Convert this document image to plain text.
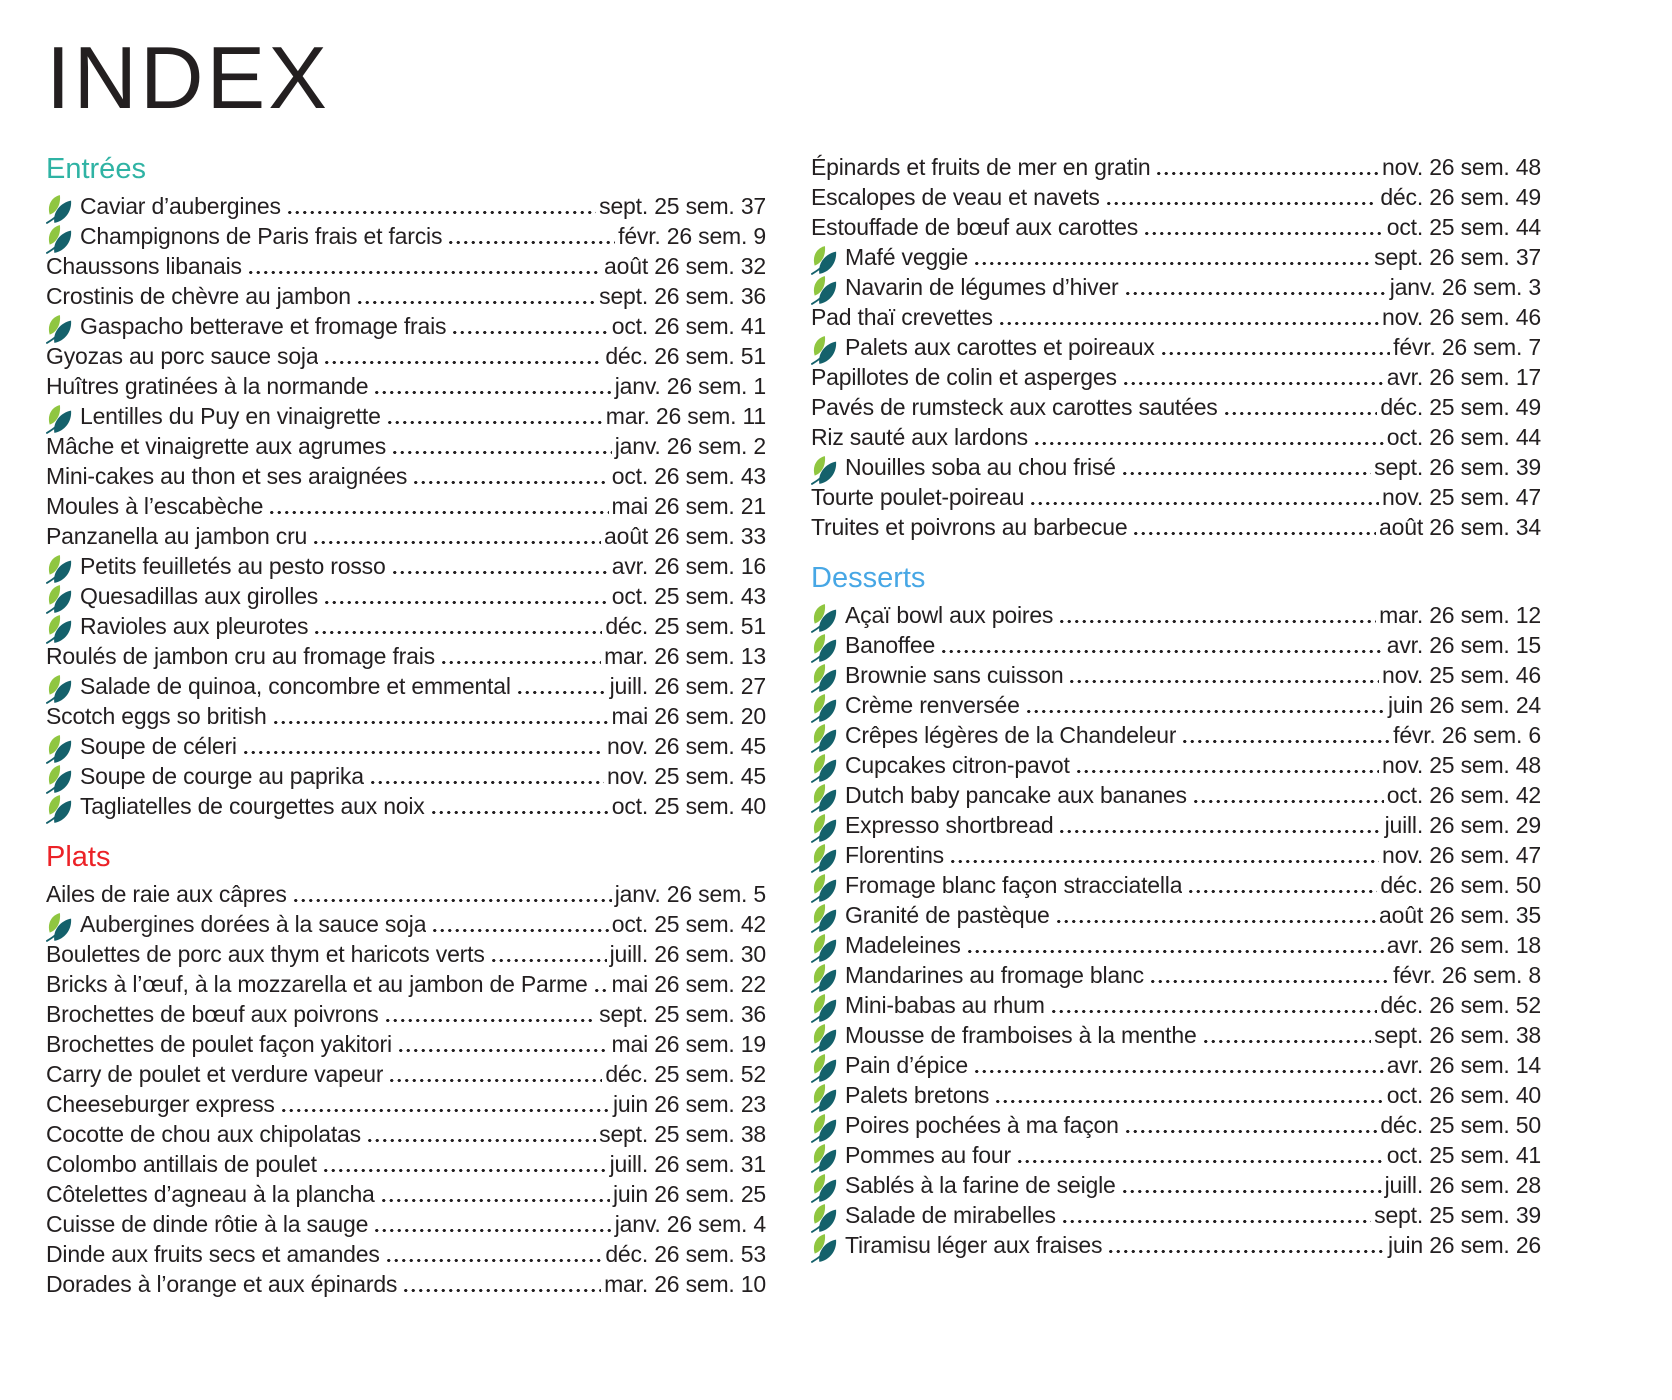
INDEX
Entrées
Caviar d’aubergines	sept. 25 sem. 37
Champignons de Paris frais et farcis	févr. 26 sem. 9
Chaussons libanais	août 26 sem. 32
Crostinis de chèvre au jambon	sept. 26 sem. 36
Gaspacho betterave et fromage frais	oct. 26 sem. 41
Gyozas au porc sauce soja	déc. 26 sem. 51
Huîtres gratinées à la normande	janv. 26 sem. 1
Lentilles du Puy en vinaigrette	mar. 26 sem. 11
Mâche et vinaigrette aux agrumes	janv. 26 sem. 2
Mini-cakes au thon et ses araignées	oct. 26 sem. 43
Moules à l’escabèche	mai 26 sem. 21
Panzanella au jambon cru	août 26 sem. 33
Petits feuilletés au pesto rosso	avr. 26 sem. 16
Quesadillas aux girolles	oct. 25 sem. 43
Ravioles aux pleurotes	déc. 25 sem. 51
Roulés de jambon cru au fromage frais	mar. 26 sem. 13
Salade de quinoa, concombre et emmental	juill. 26 sem. 27
Scotch eggs so british	mai 26 sem. 20
Soupe de céleri	nov. 26 sem. 45
Soupe de courge au paprika	nov. 25 sem. 45
Tagliatelles de courgettes aux noix	oct. 25 sem. 40
Plats
Ailes de raie aux câpres	janv. 26 sem. 5
Aubergines dorées à la sauce soja	oct. 25 sem. 42
Boulettes de porc aux thym et haricots verts	juill. 26 sem. 30
Bricks à l’œuf, à la mozzarella et au jambon de Parme mai 26 sem. 22
Brochettes de bœuf aux poivrons	sept. 25 sem. 36
Brochettes de poulet façon yakitori	mai 26 sem. 19
Carry de poulet et verdure vapeur	déc. 25 sem. 52
Cheeseburger express	juin 26 sem. 23
Cocotte de chou aux chipolatas	sept. 25 sem. 38
Colombo antillais de poulet	juill. 26 sem. 31
Côtelettes d’agneau à la plancha	juin 26 sem. 25
Cuisse de dinde rôtie à la sauge	janv. 26 sem. 4
Dinde aux fruits secs et amandes	déc. 26 sem. 53
Dorades à l’orange et aux épinards	mar. 26 sem. 10
Épinards et fruits de mer en gratin	nov. 26 sem. 48
Escalopes de veau et navets	déc. 26 sem. 49
Estouffade de bœuf aux carottes	oct. 25 sem. 44
Mafé veggie	sept. 26 sem. 37
Navarin de légumes d’hiver	janv. 26 sem. 3
Pad thaï crevettes	nov. 26 sem. 46
Palets aux carottes et poireaux	févr. 26 sem. 7
Papillotes de colin et asperges	avr. 26 sem. 17
Pavés de rumsteck aux carottes sautées	déc. 25 sem. 49
Riz sauté aux lardons	oct. 26 sem. 44
Nouilles soba au chou frisé	sept. 26 sem. 39
Tourte poulet-poireau	nov. 25 sem. 47
Truites et poivrons au barbecue	août 26 sem. 34
Desserts
Açaï bowl aux poires	mar. 26 sem. 12
Banoffee	avr. 26 sem. 15
Brownie sans cuisson	nov. 25 sem. 46
Crème renversée	juin 26 sem. 24
Crêpes légères de la Chandeleur	févr. 26 sem. 6
Cupcakes citron-pavot	nov. 25 sem. 48
Dutch baby pancake aux bananes	oct. 26 sem. 42
Expresso shortbread	juill. 26 sem. 29
Florentins	nov. 26 sem. 47
Fromage blanc façon stracciatella	déc. 26 sem. 50
Granité de pastèque	août 26 sem. 35
Madeleines	avr. 26 sem. 18
Mandarines au fromage blanc	févr. 26 sem. 8
Mini-babas au rhum	déc. 26 sem. 52
Mousse de framboises à la menthe	sept. 26 sem. 38
Pain d’épice	avr. 26 sem. 14
Palets bretons	oct. 26 sem. 40
Poires pochées à ma façon	déc. 25 sem. 50
Pommes au four	oct. 25 sem. 41
Sablés à la farine de seigle	juill. 26 sem. 28
Salade de mirabelles	sept. 25 sem. 39
Tiramisu léger aux fraises	juin 26 sem. 26
